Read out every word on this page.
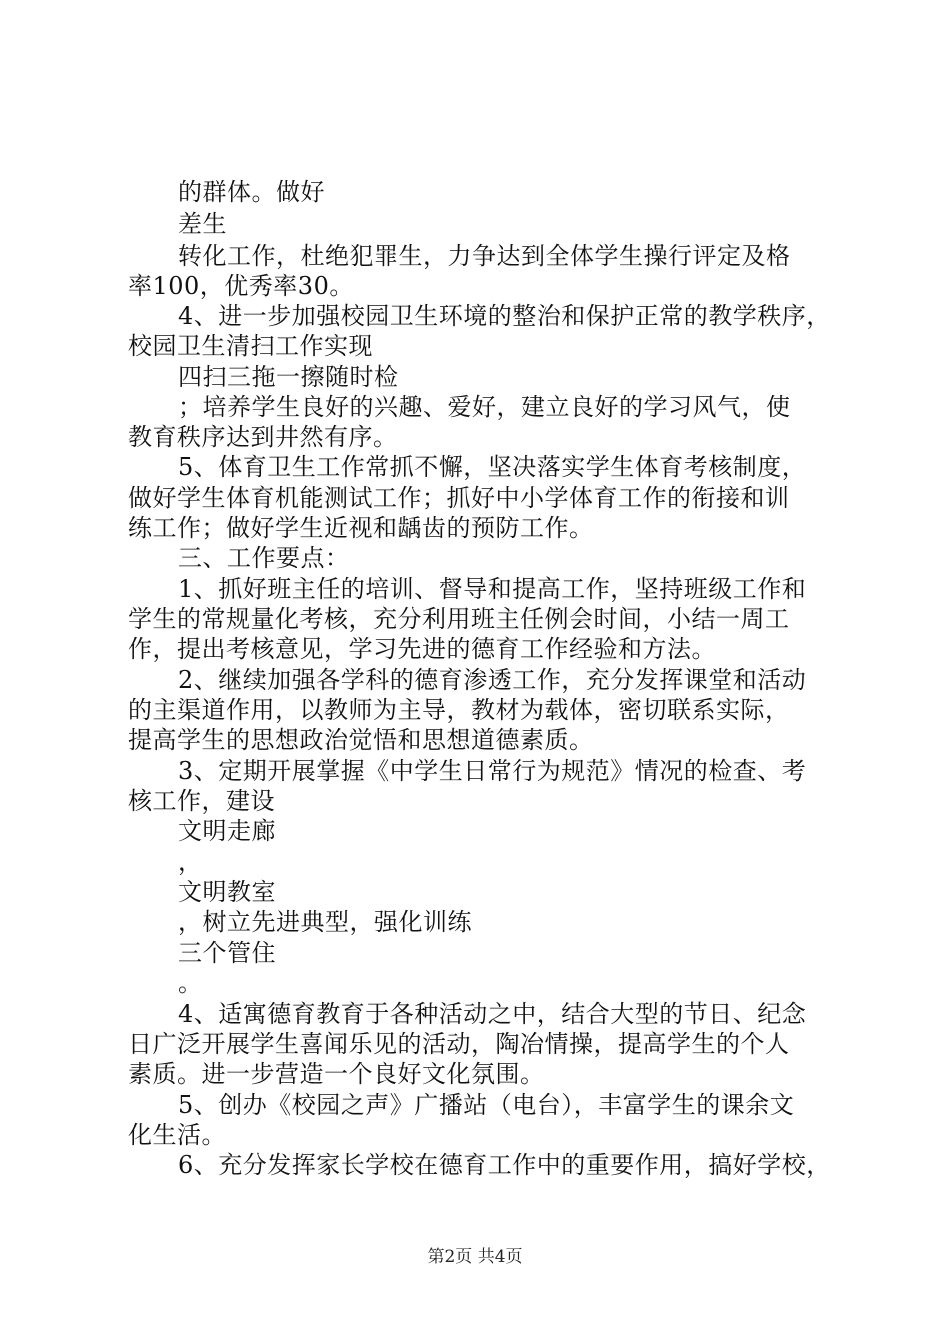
的群体。做好
差生
转化工作，杜绝犯罪生，力争达到全体学生操行评定及格
率100，优秀率30。
4、进一步加强校园卫生环境的整治和保护正常的教学秩序，
校园卫生清扫工作实现
四扫三拖一擦随时检
；培养学生良好的兴趣、爱好，建立良好的学习风气，使
教育秩序达到井然有序。
5、体育卫生工作常抓不懈，坚决落实学生体育考核制度，
做好学生体育机能测试工作；抓好中小学体育工作的衔接和训
练工作；做好学生近视和龋齿的预防工作。
三、工作要点：
1、抓好班主任的培训、督导和提高工作，坚持班级工作和
学生的常规量化考核，充分利用班主任例会时间，小结一周工
作，提出考核意见，学习先进的德育工作经验和方法。
2、继续加强各学科的德育渗透工作，充分发挥课堂和活动
的主渠道作用，以教师为主导，教材为载体，密切联系实际，
提高学生的思想政治觉悟和思想道德素质。
3、定期开展掌握《中学生日常行为规范》情况的检查、考
核工作，建设
文明走廊
，
文明教室
，树立先进典型，强化训练
三个管住
。
4、适寓德育教育于各种活动之中，结合大型的节日、纪念
日广泛开展学生喜闻乐见的活动，陶冶情操，提高学生的个人
素质。进一步营造一个良好文化氛围。
5、创办《校园之声》广播站（电台），丰富学生的课余文
化生活。
6、充分发挥家长学校在德育工作中的重要作用，搞好学校，
第2页 共4页
